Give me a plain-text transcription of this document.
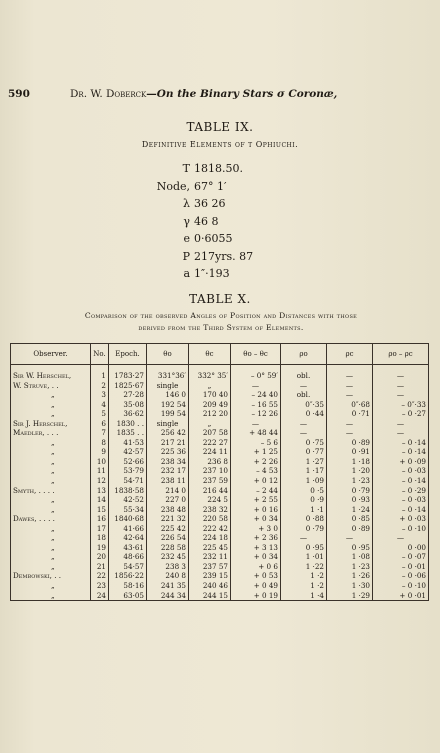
590	Dr. W. Doberck—On the Binary Stars σ Coronæ,
TABLE IX.
Definitive Elements of τ Ophiuchi.
T 1818.50.
Node, 67° 1′
λ 36 26
γ 46 8
e 0·6055
P 217yrs. 87
a 1″·193
TABLE X.
Comparison of the observed Angles of Position and Distances with those
derived from the Third System of Elements.
Observer.	No.	Epoch.	θo	θc	θo – θc	ρo	ρc	ρo – ρc
Sir W. Herschel,	1	1783·27	331°36′	332° 35′	– 0° 59′	obl.	—	—
W. Struve, . .	2	1825·67	single	„	—	—	—	—
„	3	27·28	146 0	170 40	– 24 40	obl.	—	—
„	4	35·08	192 54	209 49	– 16 55	0″·35	0″·68	– 0″·33
„	5	36·62	199 54	212 20	– 12 26	0 ·44	0 ·71	– 0 ·27
Sir J. Herschel,	6	1830 . .	single	„	—	—	—	—
Maedler, . . .	7	1835 . .	256 42	207 58	+ 48 44	—	—	—
„	8	41·53	217 21	222 27	– 5 6	0 ·75	0 ·89	– 0 ·14
„	9	42·57	225 36	224 11	+ 1 25	0 ·77	0 ·91	– 0 ·14
„	10	52·66	238 34	236 8	+ 2 26	1 ·27	1 ·18	+ 0 ·09
„	11	53·79	232 17	237 10	– 4 53	1 ·17	1 ·20	– 0 ·03
„	12	54·71	238 11	237 59	+ 0 12	1 ·09	1 ·23	– 0 ·14
Smyth, . . . .	13	1838·58	214 0	216 44	– 2 44	0 ·5	0 ·79	– 0 ·29
„	14	42·52	227 0	224 5	+ 2 55	0 ·9	0 ·93	– 0 ·03
„	15	55·34	238 48	238 32	+ 0 16	1 ·1	1 ·24	– 0 ·14
Dawes, . . . .	16	1840·68	221 32	220 58	+ 0 34	0 ·88	0 ·85	+ 0 ·03
„	17	41·66	225 42	222 42	+ 3 0	0 ·79	0 ·89	– 0 ·10
„	18	42·64	226 54	224 18	+ 2 36	—	—	—
„	19	43·61	228 58	225 45	+ 3 13	0 ·95	0 ·95	0 ·00
„	20	48·66	232 45	232 11	+ 0 34	1 ·01	1 ·08	– 0 ·07
„	21	54·57	238 3	237 57	+ 0 6	1 ·22	1 ·23	– 0 ·01
Dembowski, . .	22	1856·22	240 8	239 15	+ 0 53	1 ·2	1 ·26	– 0 ·06
„	23	58·16	241 35	240 46	+ 0 49	1 ·2	1 ·30	– 0 ·10
„	24	63·05	244 34	244 15	+ 0 19	1 ·4	1 ·29	+ 0 ·01
